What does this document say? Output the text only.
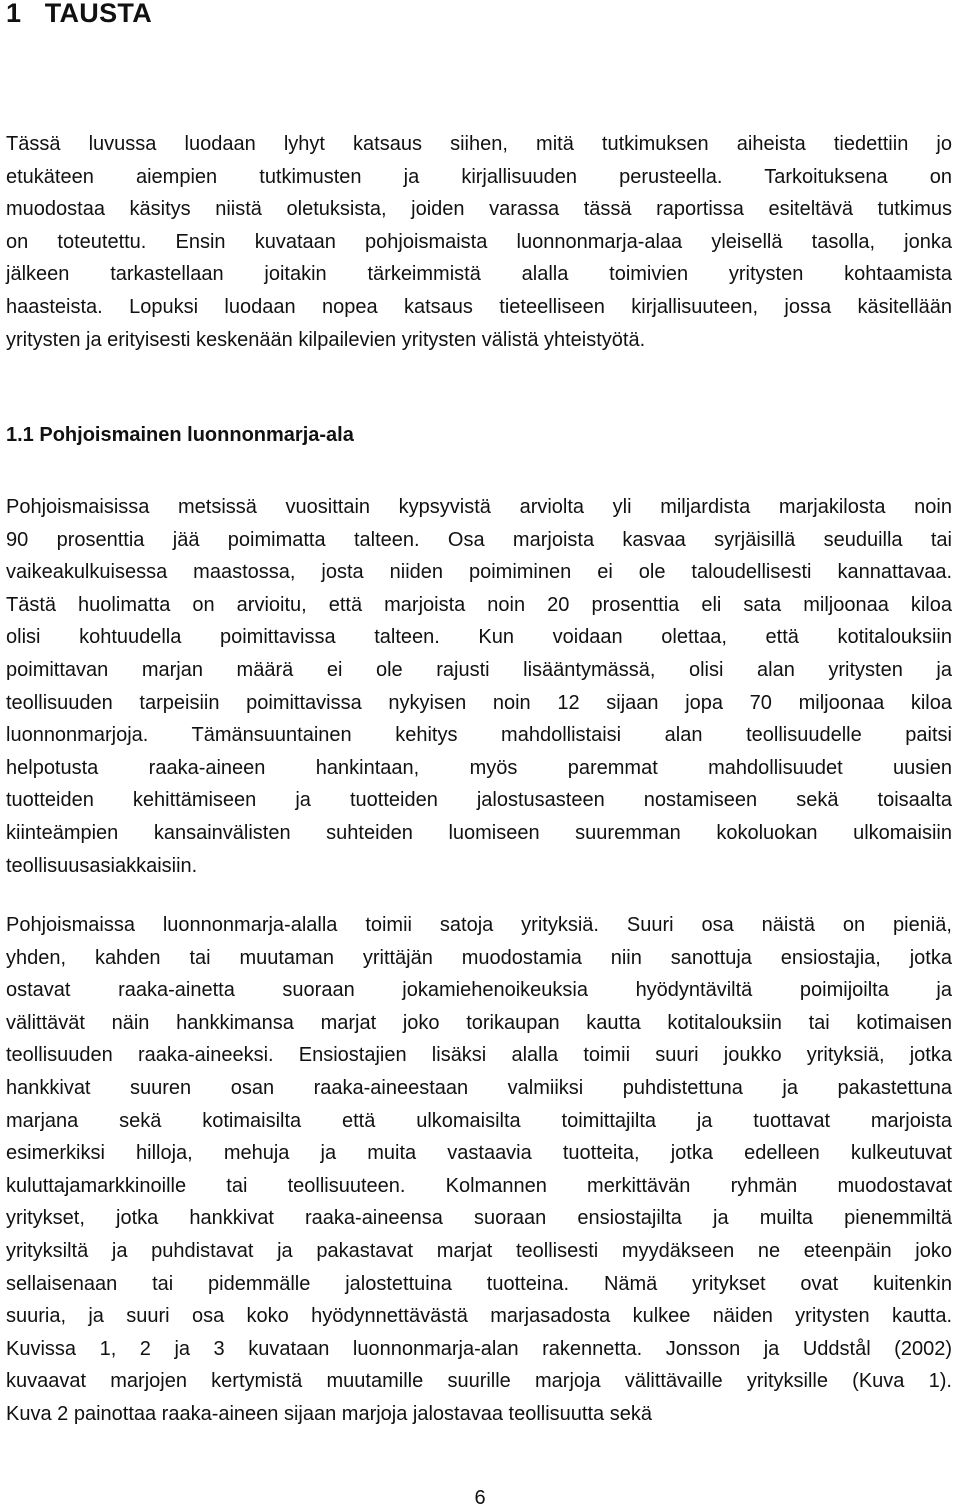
1   TAUSTA
Tässä luvussa luodaan lyhyt katsaus siihen, mitä tutkimuksen aiheista tiedettiin jo
etukäteen aiempien tutkimusten ja kirjallisuuden perusteella. Tarkoituksena on
muodostaa käsitys niistä oletuksista, joiden varassa tässä raportissa esiteltävä tutkimus
on toteutettu. Ensin kuvataan pohjoismaista luonnonmarja-alaa yleisellä tasolla, jonka
jälkeen tarkastellaan joitakin tärkeimmistä alalla toimivien yritysten kohtaamista
haasteista. Lopuksi luodaan nopea katsaus tieteelliseen kirjallisuuteen, jossa käsitellään
yritysten ja erityisesti keskenään kilpailevien yritysten välistä yhteistyötä.
1.1 Pohjoismainen luonnonmarja-ala
Pohjoismaisissa metsissä vuosittain kypsyvistä arviolta yli miljardista marjakilosta noin
90 prosenttia jää poimimatta talteen. Osa marjoista kasvaa syrjäisillä seuduilla tai
vaikeakulkuisessa maastossa, josta niiden poimiminen ei ole taloudellisesti kannattavaa.
Tästä huolimatta on arvioitu, että marjoista noin 20 prosenttia eli sata miljoonaa kiloa
olisi kohtuudella poimittavissa talteen. Kun voidaan olettaa, että kotitalouksiin
poimittavan marjan määrä ei ole rajusti lisääntymässä, olisi alan yritysten ja
teollisuuden tarpeisiin poimittavissa nykyisen noin 12 sijaan jopa 70 miljoonaa kiloa
luonnonmarjoja. Tämänsuuntainen kehitys mahdollistaisi alan teollisuudelle paitsi
helpotusta raaka-aineen hankintaan, myös paremmat mahdollisuudet uusien
tuotteiden kehittämiseen ja tuotteiden jalostusasteen nostamiseen sekä toisaalta
kiinteämpien kansainvälisten suhteiden luomiseen suuremman kokoluokan ulkomaisiin
teollisuusasiakkaisiin.
Pohjoismaissa luonnonmarja-alalla toimii satoja yrityksiä. Suuri osa näistä on pieniä,
yhden, kahden tai muutaman yrittäjän muodostamia niin sanottuja ensiostajia, jotka
ostavat raaka-ainetta suoraan jokamiehenoikeuksia hyödyntäviltä poimijoilta ja
välittävät näin hankkimansa marjat joko torikaupan kautta kotitalouksiin tai kotimaisen
teollisuuden raaka-aineeksi. Ensiostajien lisäksi alalla toimii suuri joukko yrityksiä, jotka
hankkivat suuren osan raaka-aineestaan valmiiksi puhdistettuna ja pakastettuna
marjana sekä kotimaisilta että ulkomaisilta toimittajilta ja tuottavat marjoista
esimerkiksi hilloja, mehuja ja muita vastaavia tuotteita, jotka edelleen kulkeutuvat
kuluttajamarkkinoille tai teollisuuteen. Kolmannen merkittävän ryhmän muodostavat
yritykset, jotka hankkivat raaka-aineensa suoraan ensiostajilta ja muilta pienemmiltä
yrityksiltä ja puhdistavat ja pakastavat marjat teollisesti myydäkseen ne eteenpäin joko
sellaisenaan tai pidemmälle jalostettuina tuotteina. Nämä yritykset ovat kuitenkin
suuria, ja suuri osa koko hyödynnettävästä marjasadosta kulkee näiden yritysten kautta.
Kuvissa 1, 2 ja 3 kuvataan luonnonmarja-alan rakennetta. Jonsson ja Uddstål (2002)
kuvaavat marjojen kertymistä muutamille suurille marjoja välittävaille yrityksille (Kuva 1).
Kuva 2 painottaa raaka-aineen sijaan marjoja jalostavaa teollisuutta sekä
6
